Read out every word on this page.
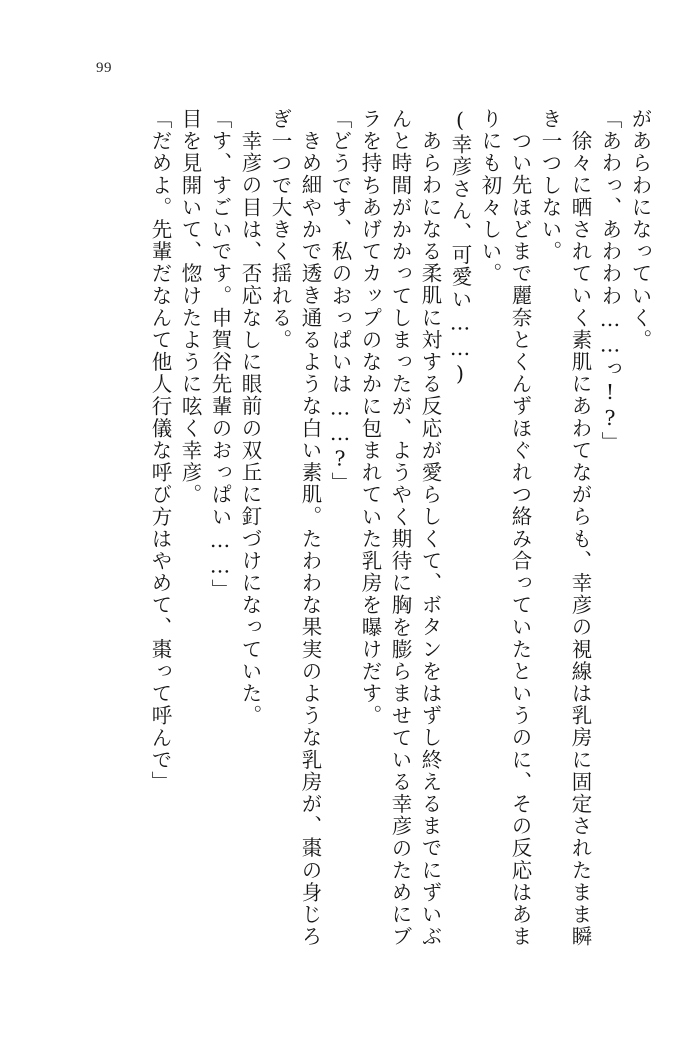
99
があらわになっていく。
「あわっ、あわわわ……っ!?」
徐々に晒されていく素肌にあわてながらも、幸彦の視線は乳房に固定されたまま瞬
き一つしない。
つい先ほどまで麗奈とくんずほぐれつ絡み合っていたというのに、その反応はあま
りにも初々しい。
(幸彦さん、可愛い……)
あらわになる柔肌に対する反応が愛らしくて、ボタンをはずし終えるまでにずいぶ
んと時間がかかってしまったが、ようやく期待に胸を膨らませている幸彦のためにブ
ラを持ちあげてカップのなかに包まれていた乳房を曝けだす。
「どうです、私のおっぱいは……?」
きめ細やかで透き通るような白い素肌。たわわな果実のような乳房が、棗の身じろ
ぎ一つで大きく揺れる。
幸彦の目は、否応なしに眼前の双丘に釘づけになっていた。
「す、すごいです。申賀谷先輩のおっぱい……」
目を見開いて、惚けたように呟く幸彦。
「だめよ。先輩だなんて他人行儀な呼び方はやめて、棗って呼んで」
